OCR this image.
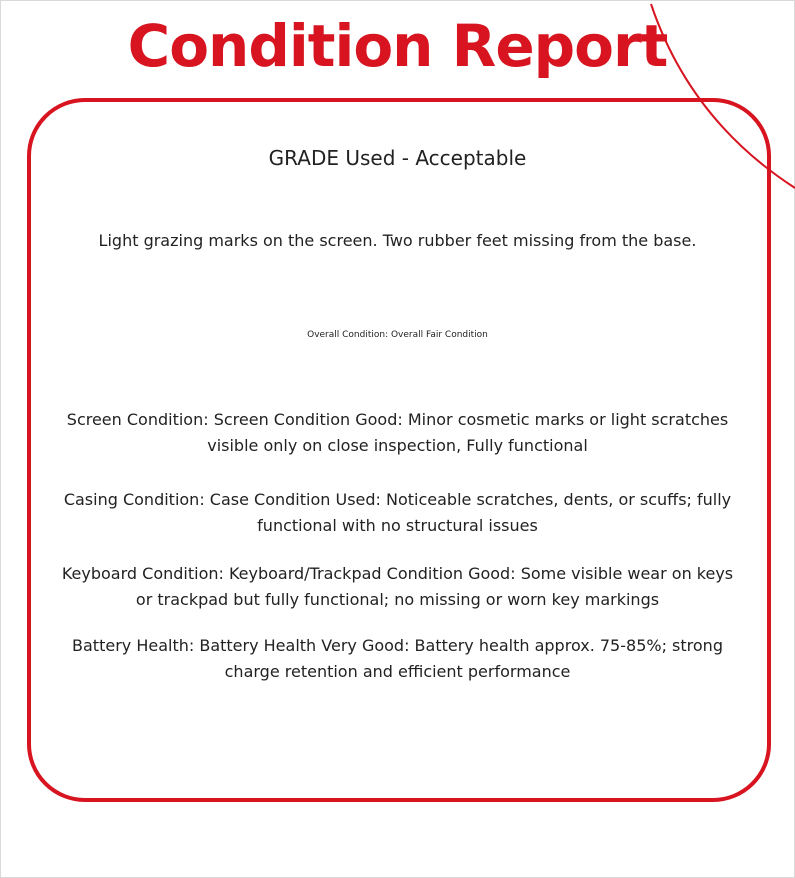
Condition Report
GRADE Used - Acceptable
Light grazing marks on the screen. Two rubber feet missing from the base.
Overall Condition: Overall Fair Condition
Screen Condition: Screen Condition Good: Minor cosmetic marks or light scratches visible only on close inspection, Fully functional
Casing Condition: Case Condition Used: Noticeable scratches, dents, or scuffs; fully functional with no structural issues
Keyboard Condition: Keyboard/Trackpad Condition Good: Some visible wear on keys or trackpad but fully functional; no missing or worn key markings
Battery Health: Battery Health Very Good: Battery health approx. 75-85%; strong charge retention and efficient performance
